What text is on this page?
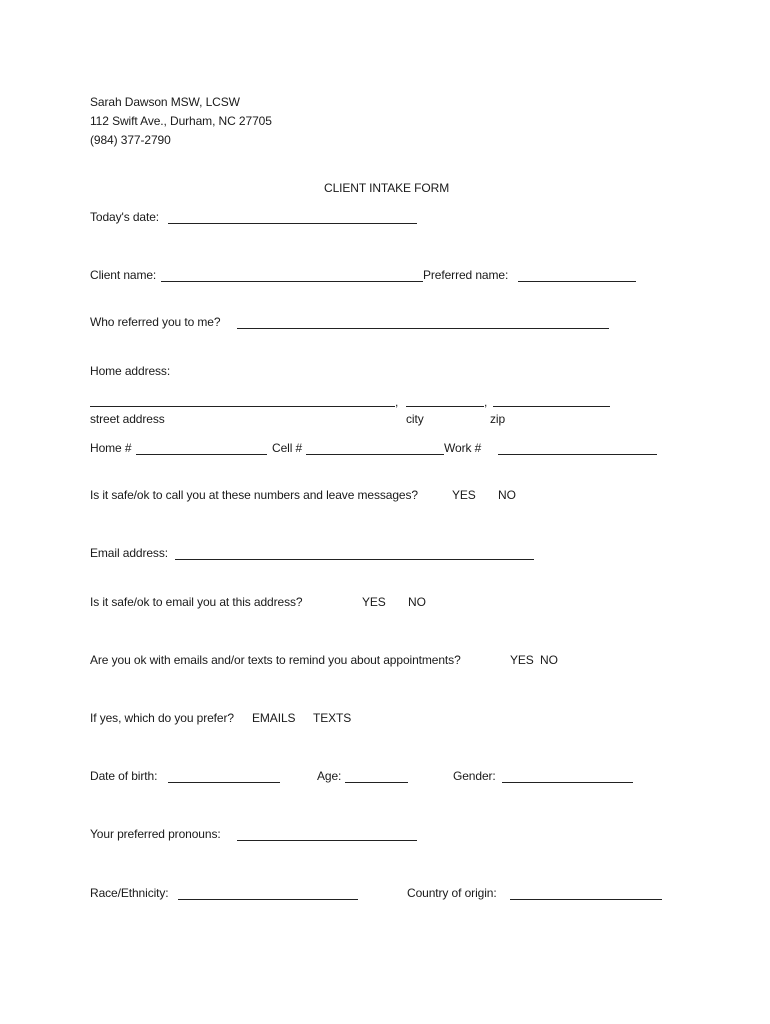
Sarah Dawson MSW, LCSW
112 Swift Ave., Durham, NC 27705
(984) 377-2790
CLIENT INTAKE FORM
Today's date:
Client name:	Preferred name:
Who referred you to me?
Home address:
,	,
street address	city	zip
Home #	Cell #	Work #
Is it safe/ok to call you at these numbers and leave messages?	YES NO
Email address:
Is it safe/ok to email you at this address?	YES NO
Are you ok with emails and/or texts to remind you about appointments?	YES NO
If yes, which do you prefer? EMAILS TEXTS
Date of birth:	Age:	Gender:
Your preferred pronouns:
Race/Ethnicity:	Country of origin:
